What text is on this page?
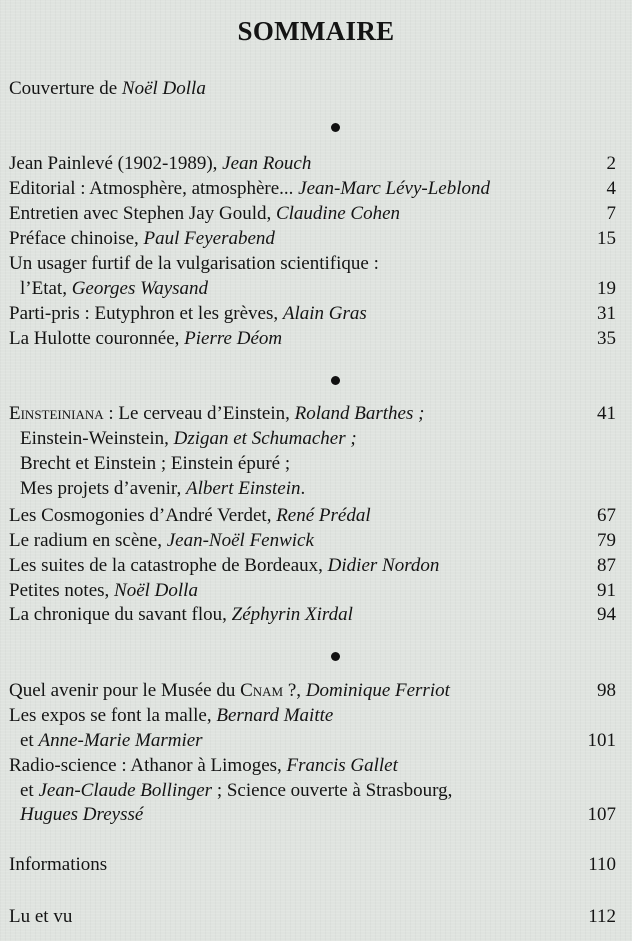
SOMMAIRE
Couverture de Noël Dolla
Jean Painlevé (1902-1989), Jean Rouch	2
Editorial : Atmosphère, atmosphère... Jean-Marc Lévy-Leblond	4
Entretien avec Stephen Jay Gould, Claudine Cohen	7
Préface chinoise, Paul Feyerabend	15
Un usager furtif de la vulgarisation scientifique :
l’Etat, Georges Waysand	19
Parti-pris : Eutyphron et les grèves, Alain Gras	31
La Hulotte couronnée, Pierre Déom	35
Einsteiniana : Le cerveau d’Einstein, Roland Barthes ;	41
Einstein-Weinstein, Dzigan et Schumacher ;
Brecht et Einstein ; Einstein épuré ;
Mes projets d’avenir, Albert Einstein.
Les Cosmogonies d’André Verdet, René Prédal	67
Le radium en scène, Jean-Noël Fenwick	79
Les suites de la catastrophe de Bordeaux, Didier Nordon	87
Petites notes, Noël Dolla	91
La chronique du savant flou, Zéphyrin Xirdal	94
Quel avenir pour le Musée du Cnam ?, Dominique Ferriot	98
Les expos se font la malle, Bernard Maitte
et Anne-Marie Marmier	101
Radio-science : Athanor à Limoges, Francis Gallet
et Jean-Claude Bollinger ; Science ouverte à Strasbourg,
Hugues Dreyssé	107
Informations	110
Lu et vu	112
